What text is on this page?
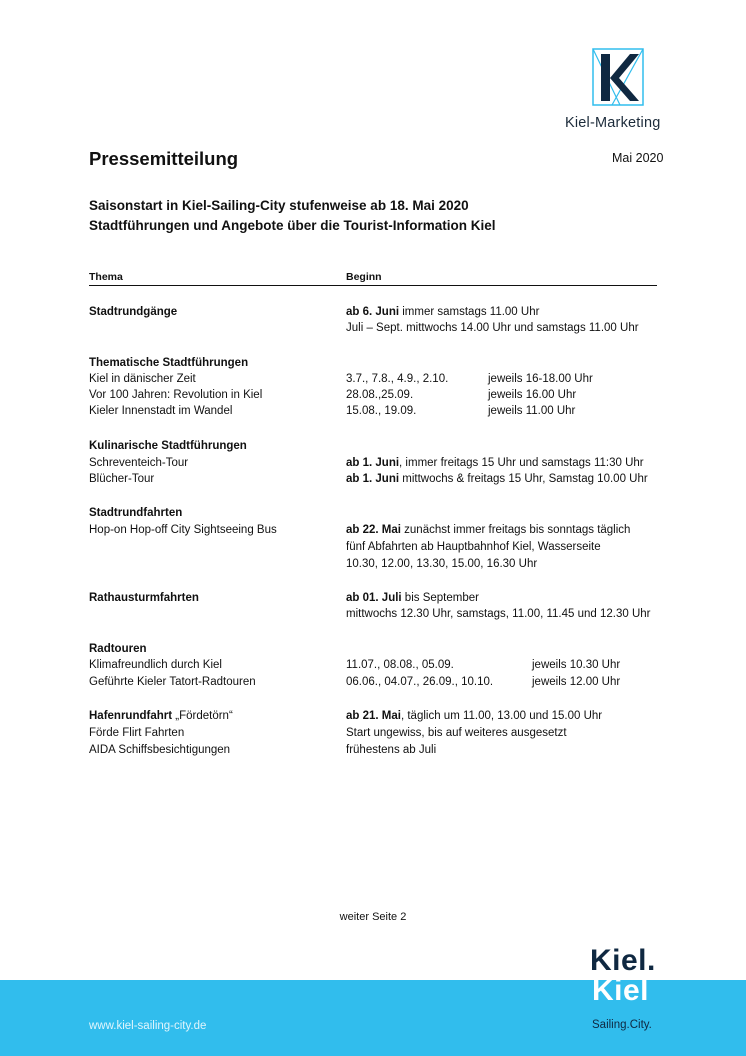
Kiel-Marketing
Pressemitteilung	Mai 2020
Saisonstart in Kiel-Sailing-City stufenweise ab 18. Mai 2020
Stadtführungen und Angebote über die Tourist-Information Kiel
Thema	Beginn
Stadtrundgänge	ab 6. Juni immer samstags 11.00 Uhr
Juli – Sept. mittwochs 14.00 Uhr und samstags 11.00 Uhr
Thematische Stadtführungen
Kiel in dänischer Zeit	3.7., 7.8., 4.9., 2.10.	jeweils 16-18.00 Uhr
Vor 100 Jahren: Revolution in Kiel	28.08.,25.09.	jeweils 16.00 Uhr
Kieler Innenstadt im Wandel	15.08., 19.09.	jeweils 11.00 Uhr
Kulinarische Stadtführungen
Schreventeich-Tour	ab 1. Juni, immer freitags 15 Uhr und samstags 11:30 Uhr
Blücher-Tour	ab 1. Juni mittwochs & freitags 15 Uhr, Samstag 10.00 Uhr
Stadtrundfahrten
Hop-on Hop-off City Sightseeing Bus	ab 22. Mai zunächst immer freitags bis sonntags täglich
fünf Abfahrten ab Hauptbahnhof Kiel, Wasserseite
10.30, 12.00, 13.30, 15.00, 16.30 Uhr
Rathausturmfahrten	ab 01. Juli bis September
mittwochs 12.30 Uhr, samstags, 11.00, 11.45 und 12.30 Uhr
Radtouren
Klimafreundlich durch Kiel	11.07., 08.08., 05.09.	jeweils 10.30 Uhr
Geführte Kieler Tatort-Radtouren	06.06., 04.07., 26.09., 10.10.	jeweils 12.00 Uhr
Hafenrundfahrt „Fördetörn“	ab 21. Mai, täglich um 11.00, 13.00 und 15.00 Uhr
Förde Flirt Fahrten	Start ungewiss, bis auf weiteres ausgesetzt
AIDA Schiffsbesichtigungen	frühestens ab Juli
weiter Seite 2
www.kiel-sailing-city.de
Kiel.
Kiel
Sailing.City.
